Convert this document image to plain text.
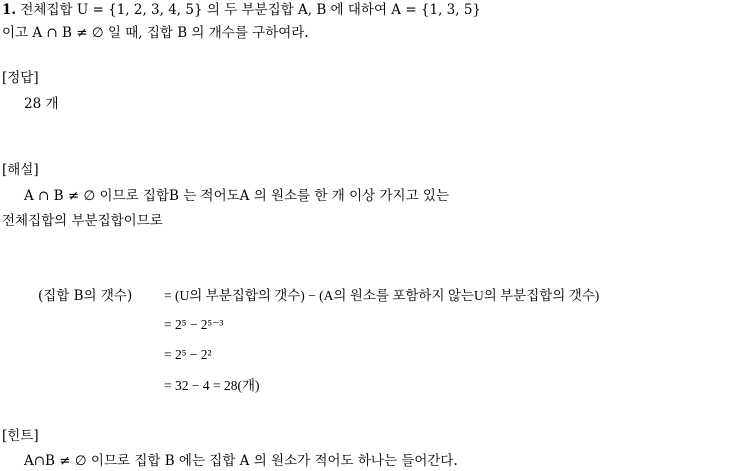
1. 전체집합 U = {1, 2, 3, 4, 5} 의 두 부분집합 A, B 에 대하여 A = {1, 3, 5}
이고 A ∩ B ≠ ∅ 일 때, 집합 B 의 개수를 구하여라.
[정답]
28 개
[해설]
A ∩ B ≠ ∅ 이므로 집합B 는 적어도A 의 원소를 한 개 이상 가지고 있는
전체집합의 부분집합이므로
(집합 B의 갯수) = (U의 부분집합의 갯수) − (A의 원소를 포함하지 않는U의 부분집합의 갯수)
= 2⁵ − 2⁵⁻³
= 2⁵ − 2²
= 32 − 4 = 28(개)
[힌트]
A∩B ≠ ∅ 이므로 집합 B 에는 집합 A 의 원소가 적어도 하나는 들어간다.
